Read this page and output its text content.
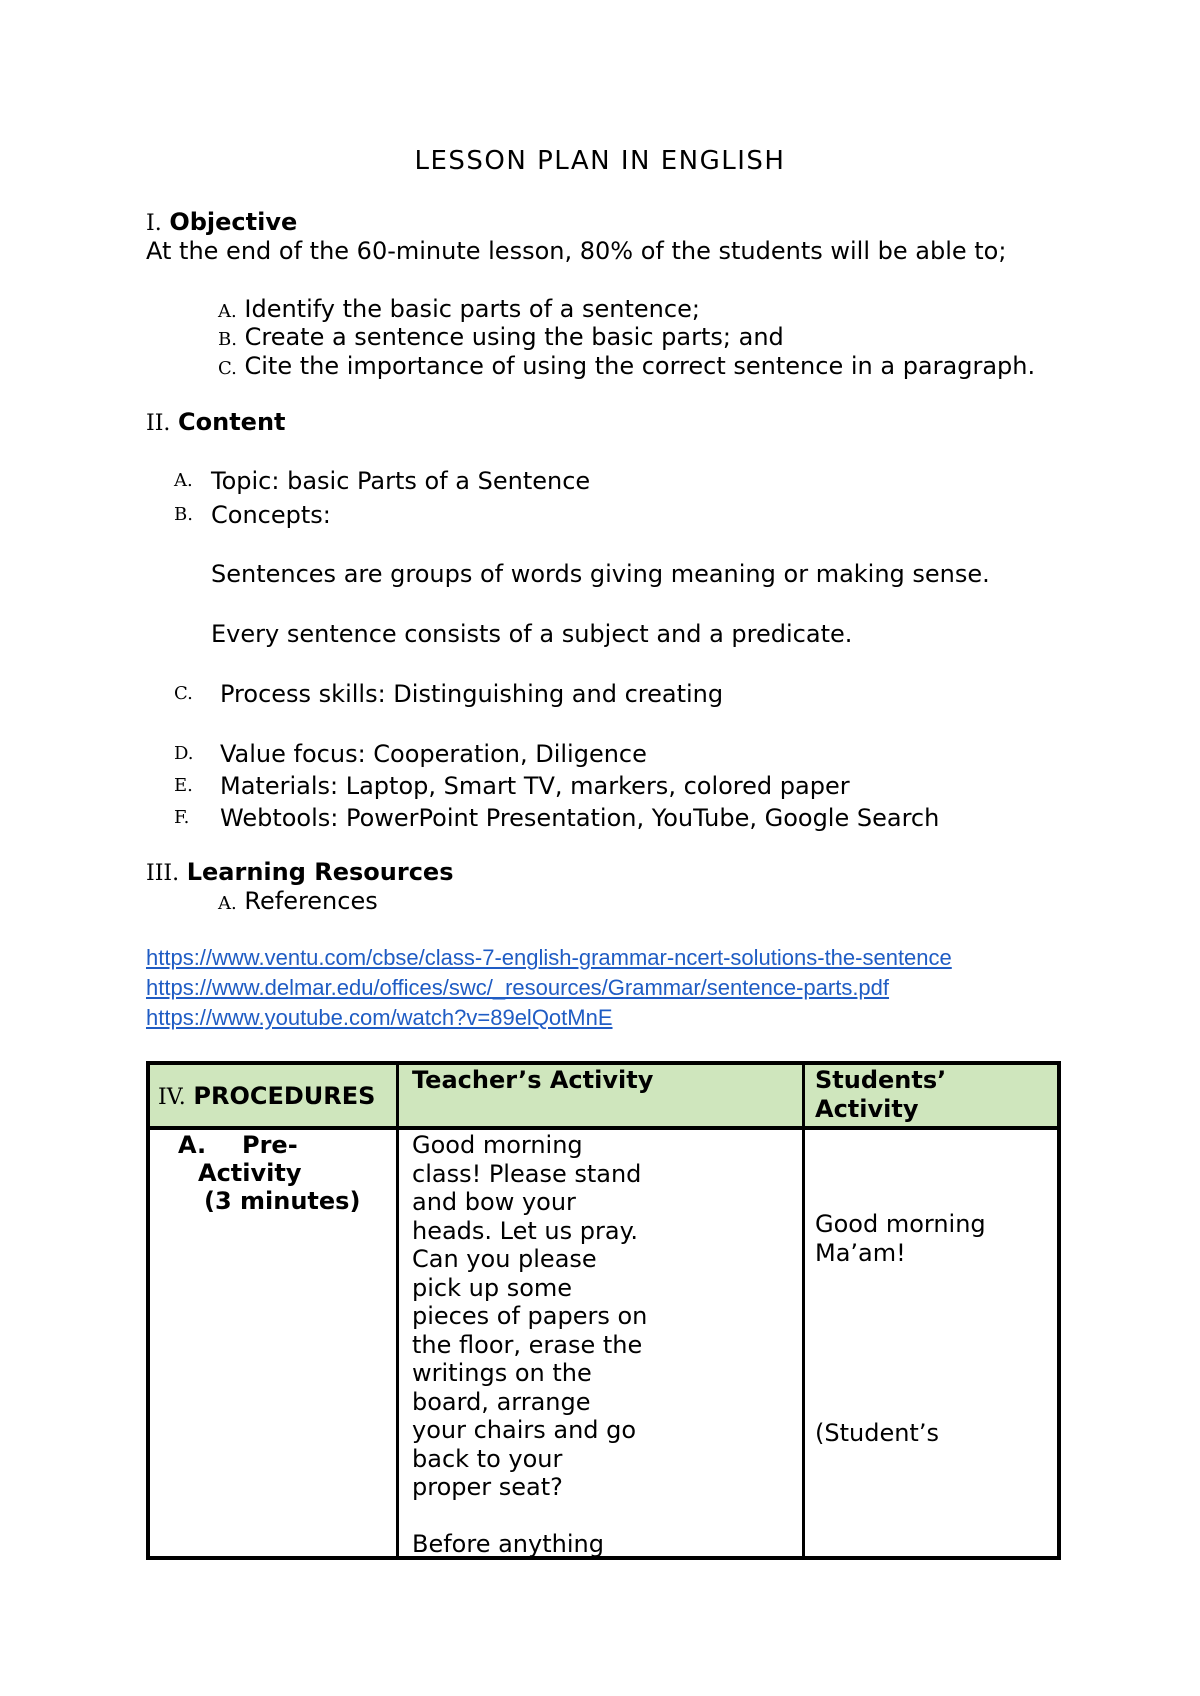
LESSON PLAN IN ENGLISH
I. Objective
At the end of the 60-minute lesson, 80% of the students will be able to;
A. Identify the basic parts of a sentence;
B. Create a sentence using the basic parts; and
C. Cite the importance of using the correct sentence in a paragraph.
II. Content
A. Topic: basic Parts of a Sentence
B. Concepts:
Sentences are groups of words giving meaning or making sense.
Every sentence consists of a subject and a predicate.
C. Process skills: Distinguishing and creating
D. Value focus: Cooperation, Diligence
E. Materials: Laptop, Smart TV, markers, colored paper
F. Webtools: PowerPoint Presentation, YouTube, Google Search
III. Learning Resources
A. References
https://www.ventu.com/cbse/class-7-english-grammar-ncert-solutions-the-sentence
https://www.delmar.edu/offices/swc/_resources/Grammar/sentence-parts.pdf
https://www.youtube.com/watch?v=89elQotMnE
IV. PROCEDURES
Teacher’s Activity	Students’
Activity
A. Pre-
Activity
(3 minutes)
Good morning
class! Please stand
and bow your
heads. Let us pray.
Can you please
pick up some
pieces of papers on
the floor, erase the
writings on the
board, arrange
your chairs and go
back to your
proper seat?
Before anything
Good morning
Ma’am!
(Student’s
